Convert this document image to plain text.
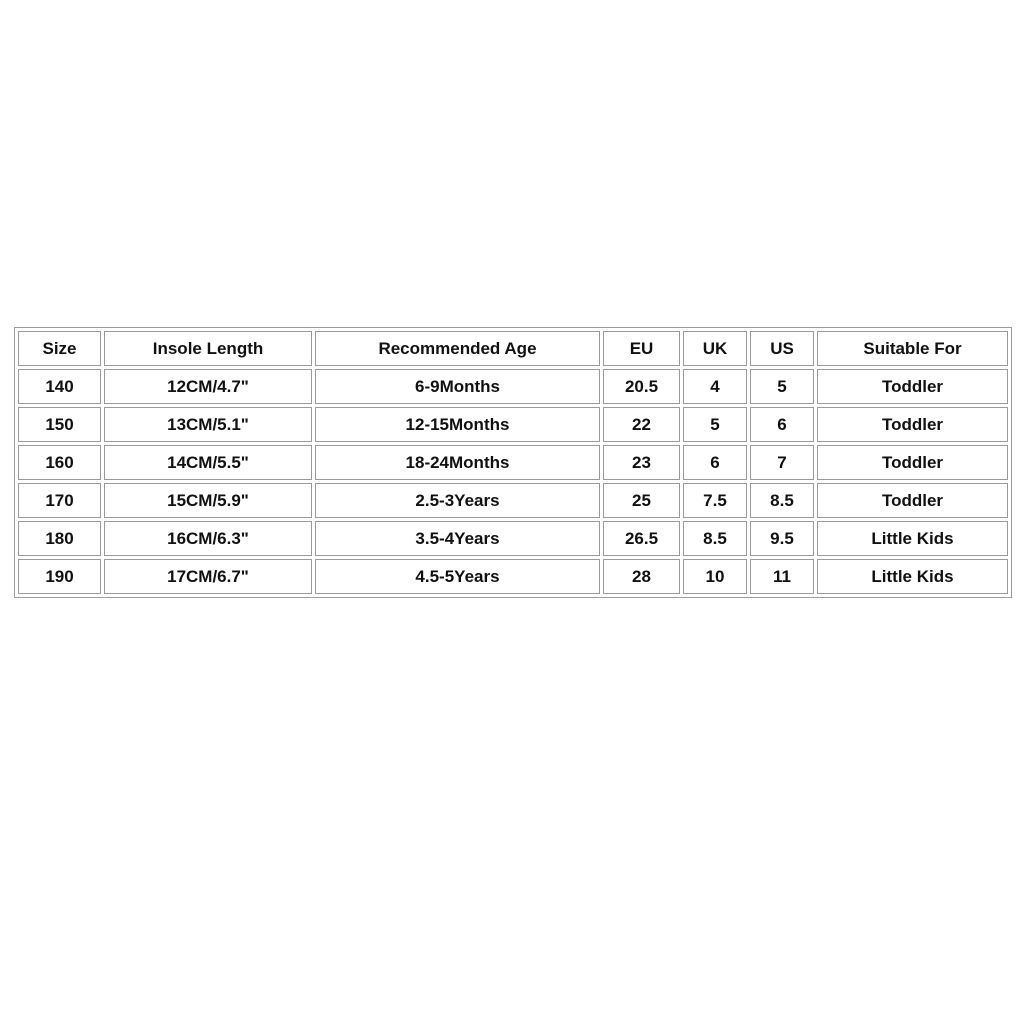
Size	Insole Length	Recommended Age	EU	UK	US	Suitable For
140	12CM/4.7"	6-9Months	20.5	4	5	Toddler
150	13CM/5.1"	12-15Months	22	5	6	Toddler
160	14CM/5.5"	18-24Months	23	6	7	Toddler
170	15CM/5.9"	2.5-3Years	25	7.5	8.5	Toddler
180	16CM/6.3"	3.5-4Years	26.5	8.5	9.5	Little Kids
190	17CM/6.7"	4.5-5Years	28	10	11	Little Kids
